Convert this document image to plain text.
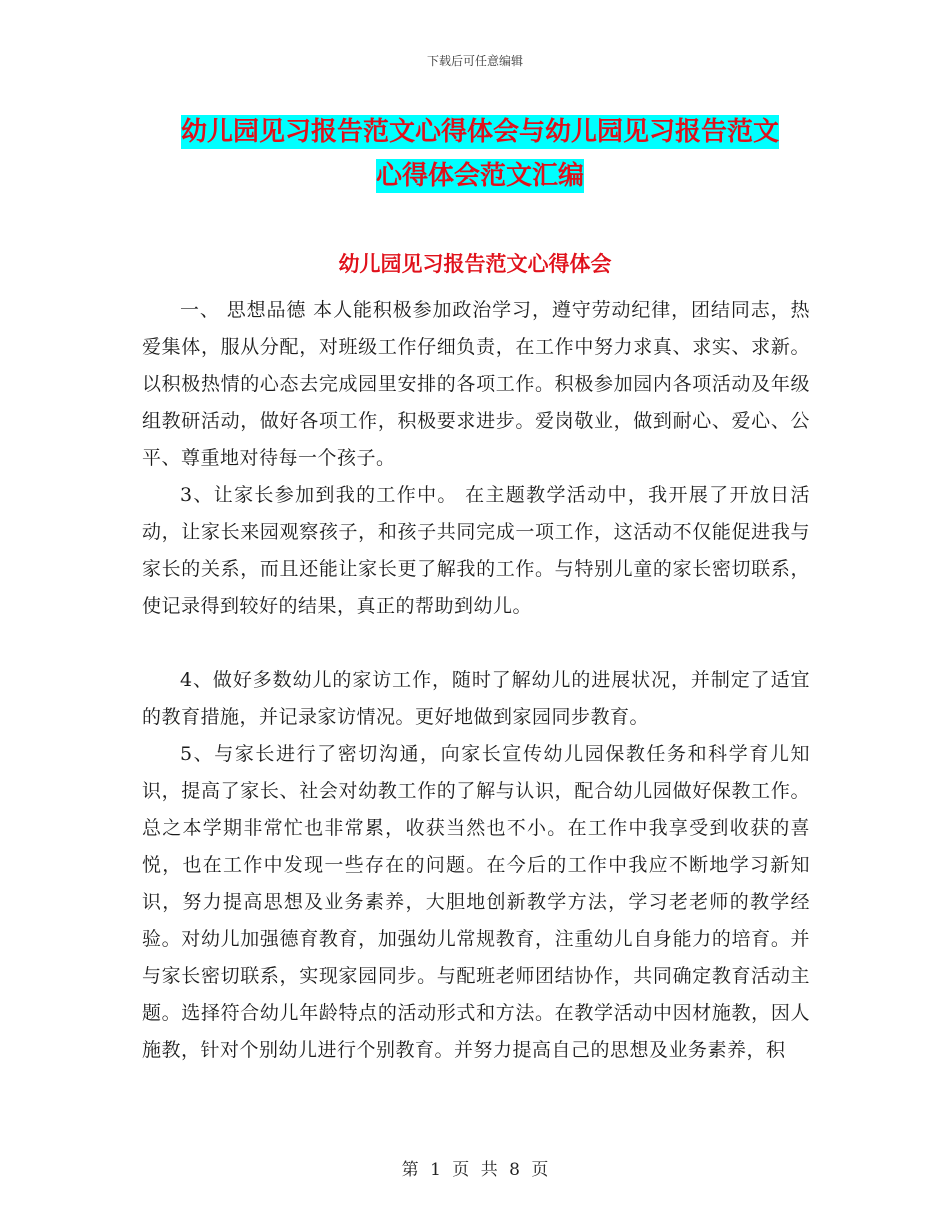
下载后可任意编辑
幼儿园见习报告范文心得体会与幼儿园见习报告范文
心得体会范文汇编
幼儿园见习报告范文心得体会

一、 思想品德 本人能积极参加政治学习，遵守劳动纪律，团结同志，热爱集体，服从分配，对班级工作仔细负责，在工作中努力求真、求实、求新。以积极热情的心态去完成园里安排的各项工作。积极参加园内各项活动及年级组教研活动，做好各项工作，积极要求进步。爱岗敬业，做到耐心、爱心、公平、尊重地对待每一个孩子。

3、让家长参加到我的工作中。 在主题教学活动中，我开展了开放日活动，让家长来园观察孩子，和孩子共同完成一项工作，这活动不仅能促进我与家长的关系，而且还能让家长更了解我的工作。与特别儿童的家长密切联系，使记录得到较好的结果，真正的帮助到幼儿。

4、做好多数幼儿的家访工作，随时了解幼儿的进展状况，并制定了适宜的教育措施，并记录家访情况。更好地做到家园同步教育。

5、与家长进行了密切沟通，向家长宣传幼儿园保教任务和科学育儿知识，提高了家长、社会对幼教工作的了解与认识，配合幼儿园做好保教工作。 总之本学期非常忙也非常累，收获当然也不小。在工作中我享受到收获的喜悦，也在工作中发现一些存在的问题。在今后的工作中我应不断地学习新知识，努力提高思想及业务素养，大胆地创新教学方法，学习老老师的教学经验。对幼儿加强德育教育，加强幼儿常规教育，注重幼儿自身能力的培育。并与家长密切联系，实现家园同步。与配班老师团结协作，共同确定教育活动主题。选择符合幼儿年龄特点的活动形式和方法。在教学活动中因材施教，因人施教，针对个别幼儿进行个别教育。并努力提高自己的思想及业务素养，积

第 1 页 共 8 页
